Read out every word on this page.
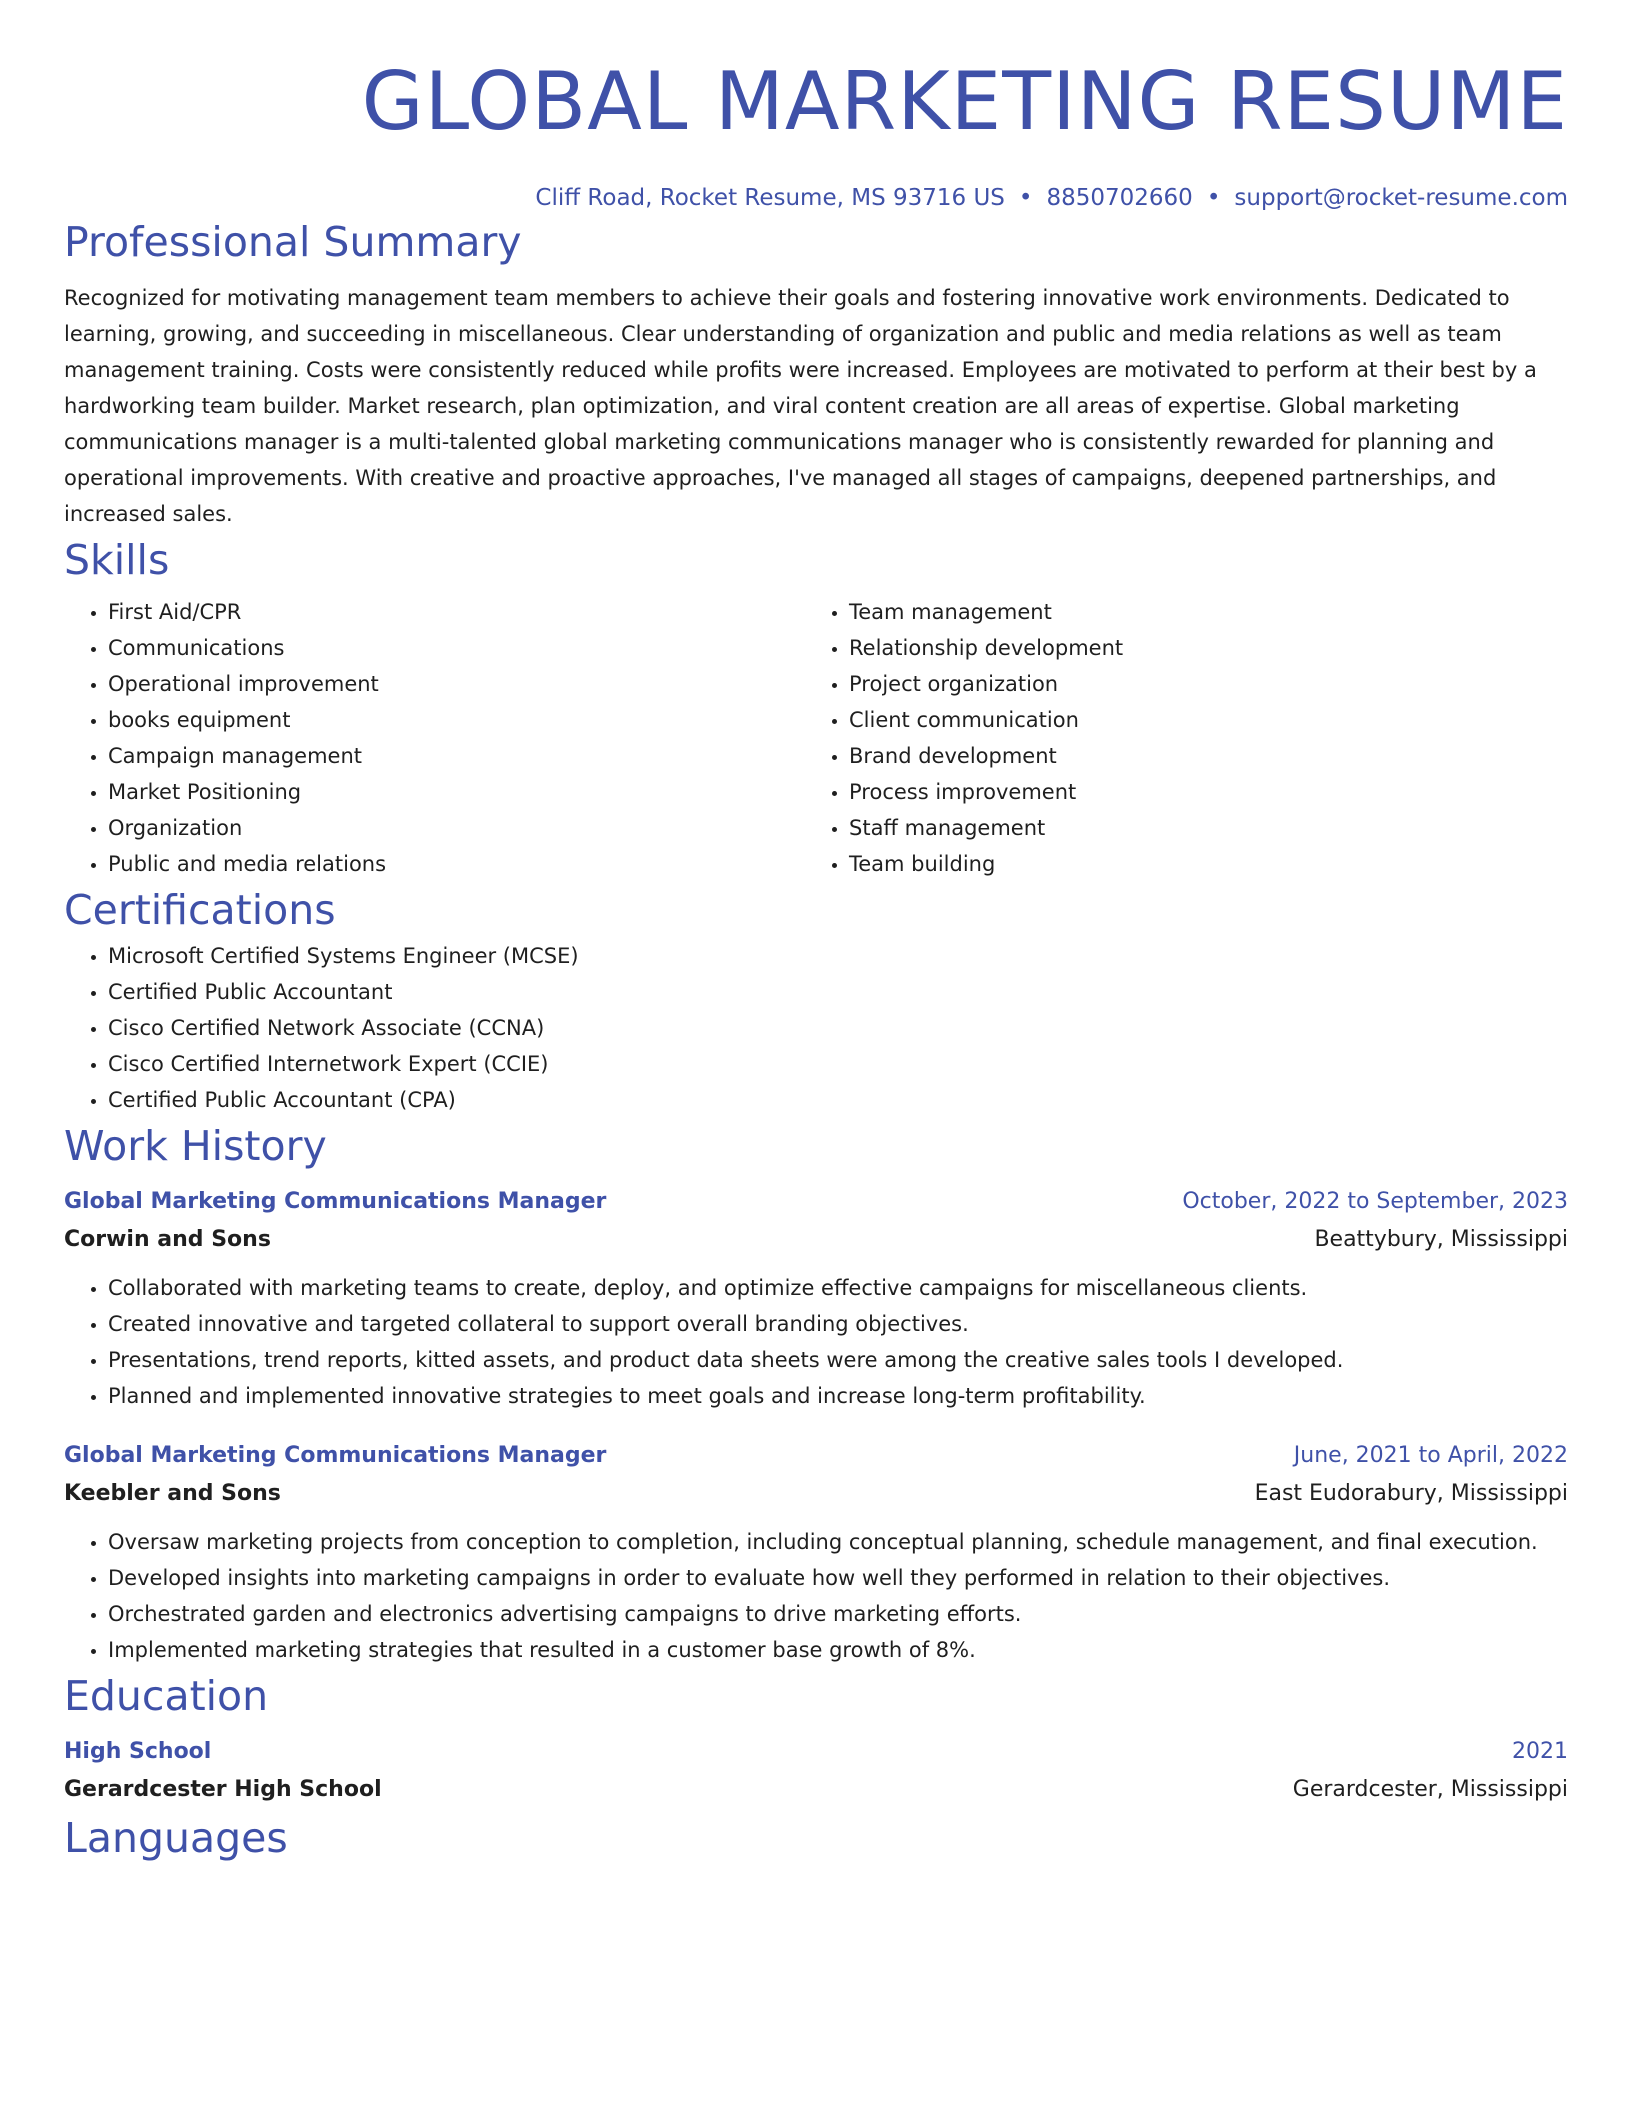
GLOBAL MARKETING RESUME
Cliff Road, Rocket Resume, MS 93716 US • 8850702660 • support@rocket-resume.com
Professional Summary

Recognized for motivating management team members to achieve their goals and fostering innovative work environments. Dedicated to learning, growing, and succeeding in miscellaneous. Clear understanding of organization and public and media relations as well as team management training. Costs were consistently reduced while profits were increased. Employees are motivated to perform at their best by a hardworking team builder. Market research, plan optimization, and viral content creation are all areas of expertise. Global marketing communications manager is a multi-talented global marketing communications manager who is consistently rewarded for planning and operational improvements. With creative and proactive approaches, I've managed all stages of campaigns, deepened partnerships, and increased sales.

Skills
• First Aid/CPR
• Communications
• Operational improvement
• books equipment
• Campaign management
• Market Positioning
• Organization
• Public and media relations
• Team management
• Relationship development
• Project organization
• Client communication
• Brand development
• Process improvement
• Staff management
• Team building
Certifications
• Microsoft Certified Systems Engineer (MCSE)
• Certified Public Accountant
• Cisco Certified Network Associate (CCNA)
• Cisco Certified Internetwork Expert (CCIE)
• Certified Public Accountant (CPA)
Work History
Global Marketing Communications Manager	October, 2022 to September, 2023
Corwin and Sons	Beattybury, Mississippi
• Collaborated with marketing teams to create, deploy, and optimize effective campaigns for miscellaneous clients.
• Created innovative and targeted collateral to support overall branding objectives.
• Presentations, trend reports, kitted assets, and product data sheets were among the creative sales tools I developed.
• Planned and implemented innovative strategies to meet goals and increase long-term profitability.
Global Marketing Communications Manager	June, 2021 to April, 2022
Keebler and Sons	East Eudorabury, Mississippi
• Oversaw marketing projects from conception to completion, including conceptual planning, schedule management, and final execution.
• Developed insights into marketing campaigns in order to evaluate how well they performed in relation to their objectives.
• Orchestrated garden and electronics advertising campaigns to drive marketing efforts.
• Implemented marketing strategies that resulted in a customer base growth of 8%.
Education
High School	2021
Gerardcester High School	Gerardcester, Mississippi
Languages
